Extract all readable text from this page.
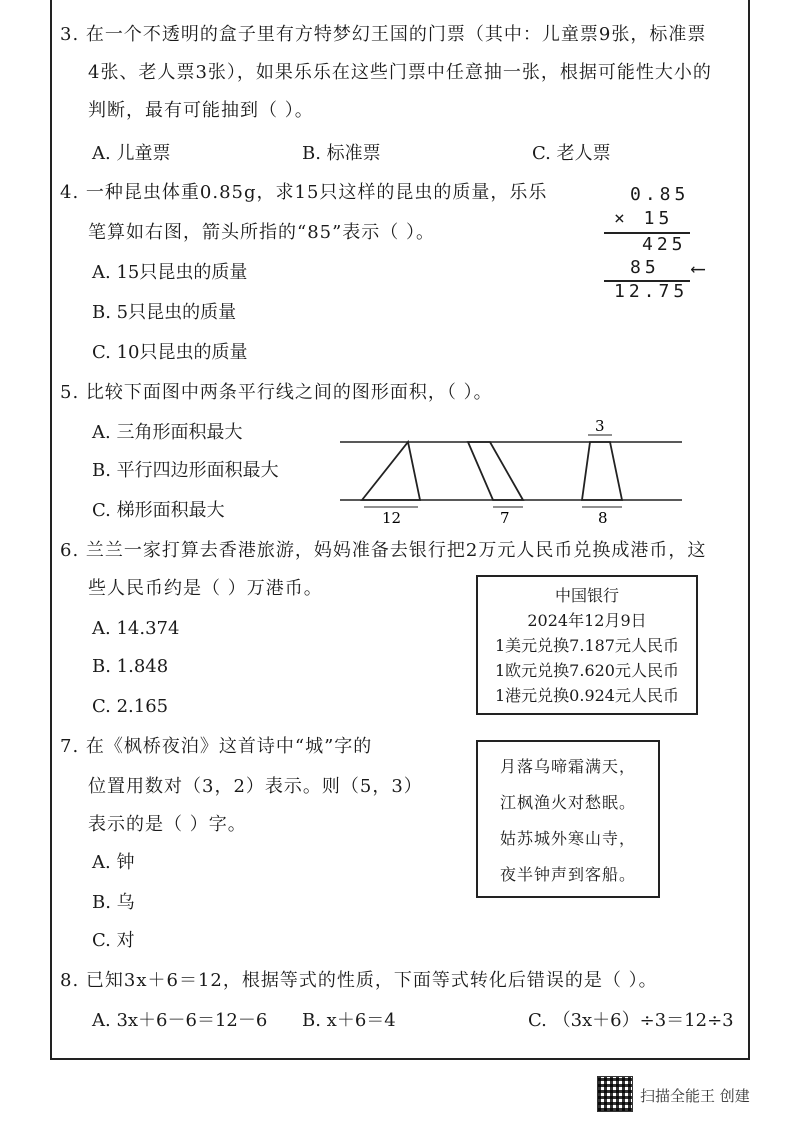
3. 在一个不透明的盒子里有方特梦幻王国的门票（其中：儿童票9张，标准票
4张、老人票3张），如果乐乐在这些门票中任意抽一张，根据可能性大小的
判断，最有可能抽到（ ）。
A. 儿童票	B. 标准票	C. 老人票
4. 一种昆虫体重0.85g，求15只这样的昆虫的质量，乐乐
笔算如右图，箭头所指的“85”表示（ ）。
A. 15只昆虫的质量
B. 5只昆虫的质量
C. 10只昆虫的质量
0.85
× 15
425
85
12.75
⟵
5. 比较下面图中两条平行线之间的图形面积，（ ）。
A. 三角形面积最大
B. 平行四边形面积最大
C. 梯形面积最大	12	7	8
3
6. 兰兰一家打算去香港旅游，妈妈准备去银行把2万元人民币兑换成港币，这
些人民币约是（ ）万港币。
A. 14.374
B. 1.848
C. 2.165
中国银行
2024年12月9日
1美元兑换7.187元人民币
1欧元兑换7.620元人民币
1港元兑换0.924元人民币
7. 在《枫桥夜泊》这首诗中“城”字的
位置用数对（3，2）表示。则（5，3）
表示的是（ ）字。
A. 钟
B. 乌
C. 对
月落乌啼霜满天，
江枫渔火对愁眠。
姑苏城外寒山寺，
夜半钟声到客船。
8. 已知3x＋6＝12，根据等式的性质，下面等式转化后错误的是（ ）。
A. 3x＋6－6＝12－6 B. x＋6＝4	C. （3x＋6）÷3＝12÷3
扫描全能王 创建
